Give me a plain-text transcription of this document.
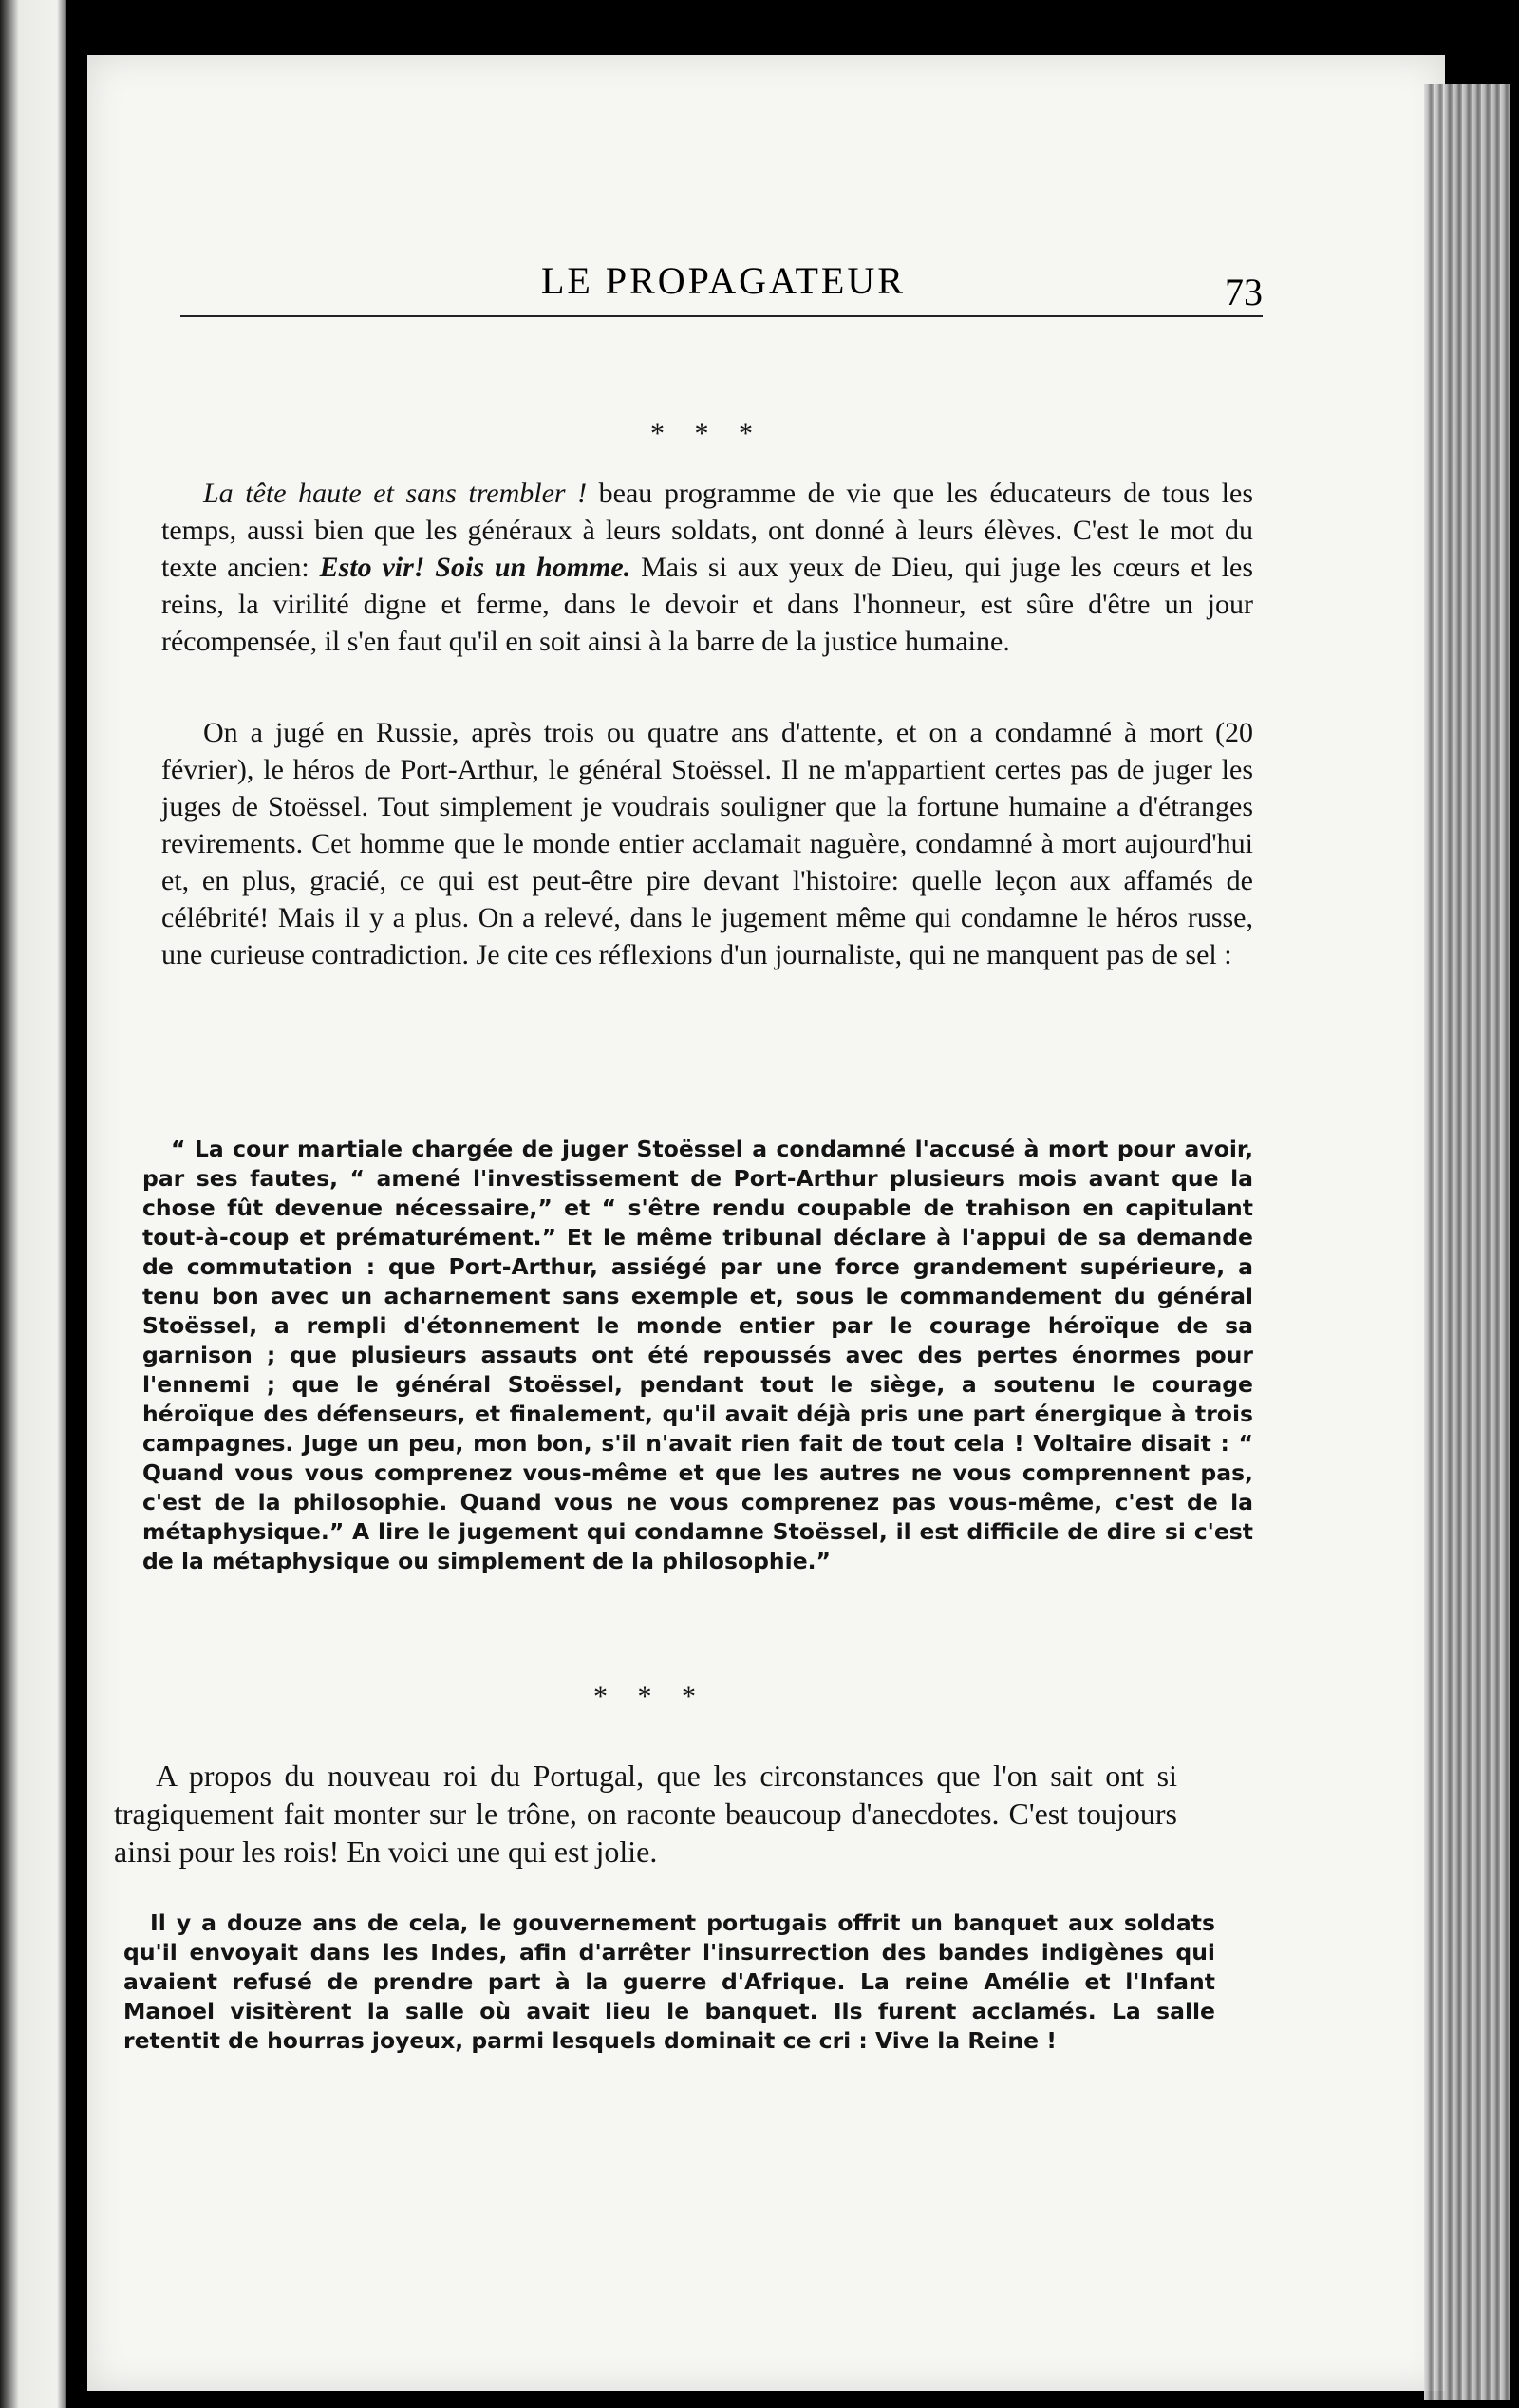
LE PROPAGATEUR	73

* * *

La tête haute et sans trembler ! beau programme de vie que les éducateurs de tous les temps, aussi bien que les généraux à leurs soldats, ont donné à leurs élèves. C'est le mot du texte ancien: Esto vir! Sois un homme. Mais si aux yeux de Dieu, qui juge les cœurs et les reins, la virilité digne et ferme, dans le devoir et dans l'honneur, est sûre d'être un jour récompensée, il s'en faut qu'il en soit ainsi à la barre de la justice humaine.

On a jugé en Russie, après trois ou quatre ans d'attente, et on a condamné à mort (20 février), le héros de Port-Arthur, le général Stoëssel. Il ne m'appartient certes pas de juger les juges de Stoëssel. Tout simplement je voudrais souligner que la fortune humaine a d'étranges revirements. Cet homme que le monde entier acclamait naguère, condamné à mort aujourd'hui et, en plus, gracié, ce qui est peut-être pire devant l'histoire: quelle leçon aux affamés de célébrité! Mais il y a plus. On a relevé, dans le jugement même qui condamne le héros russe, une curieuse contradiction. Je cite ces réflexions d'un journaliste, qui ne manquent pas de sel :

“ La cour martiale chargée de juger Stoëssel a condamné l'accusé à mort pour avoir, par ses fautes, “ amené l'investissement de Port-Arthur plusieurs mois avant que la chose fût devenue nécessaire,” et “ s'être rendu coupable de trahison en capitulant tout-à-coup et prématurément.” Et le même tribunal déclare à l'appui de sa demande de commutation : que Port-Arthur, assiégé par une force grandement supérieure, a tenu bon avec un acharnement sans exemple et, sous le commandement du général Stoëssel, a rempli d'étonnement le monde entier par le courage héroïque de sa garnison ; que plusieurs assauts ont été repoussés avec des pertes énormes pour l'ennemi ; que le général Stoëssel, pendant tout le siège, a soutenu le courage héroïque des défenseurs, et finalement, qu'il avait déjà pris une part énergique à trois campagnes. Juge un peu, mon bon, s'il n'avait rien fait de tout cela ! Voltaire disait : “ Quand vous vous comprenez vous-même et que les autres ne vous comprennent pas, c'est de la philosophie. Quand vous ne vous comprenez pas vous-même, c'est de la métaphysique.” A lire le jugement qui condamne Stoëssel, il est difficile de dire si c'est de la métaphysique ou simplement de la philosophie.”

* * *

A propos du nouveau roi du Portugal, que les circonstances que l'on sait ont si tragiquement fait monter sur le trône, on raconte beaucoup d'anecdotes. C'est toujours ainsi pour les rois! En voici une qui est jolie.

Il y a douze ans de cela, le gouvernement portugais offrit un banquet aux soldats qu'il envoyait dans les Indes, afin d'arrêter l'insurrection des bandes indigènes qui avaient refusé de prendre part à la guerre d'Afrique. La reine Amélie et l'Infant Manoel visitèrent la salle où avait lieu le banquet. Ils furent acclamés. La salle retentit de hourras joyeux, parmi lesquels dominait ce cri : Vive la Reine !
